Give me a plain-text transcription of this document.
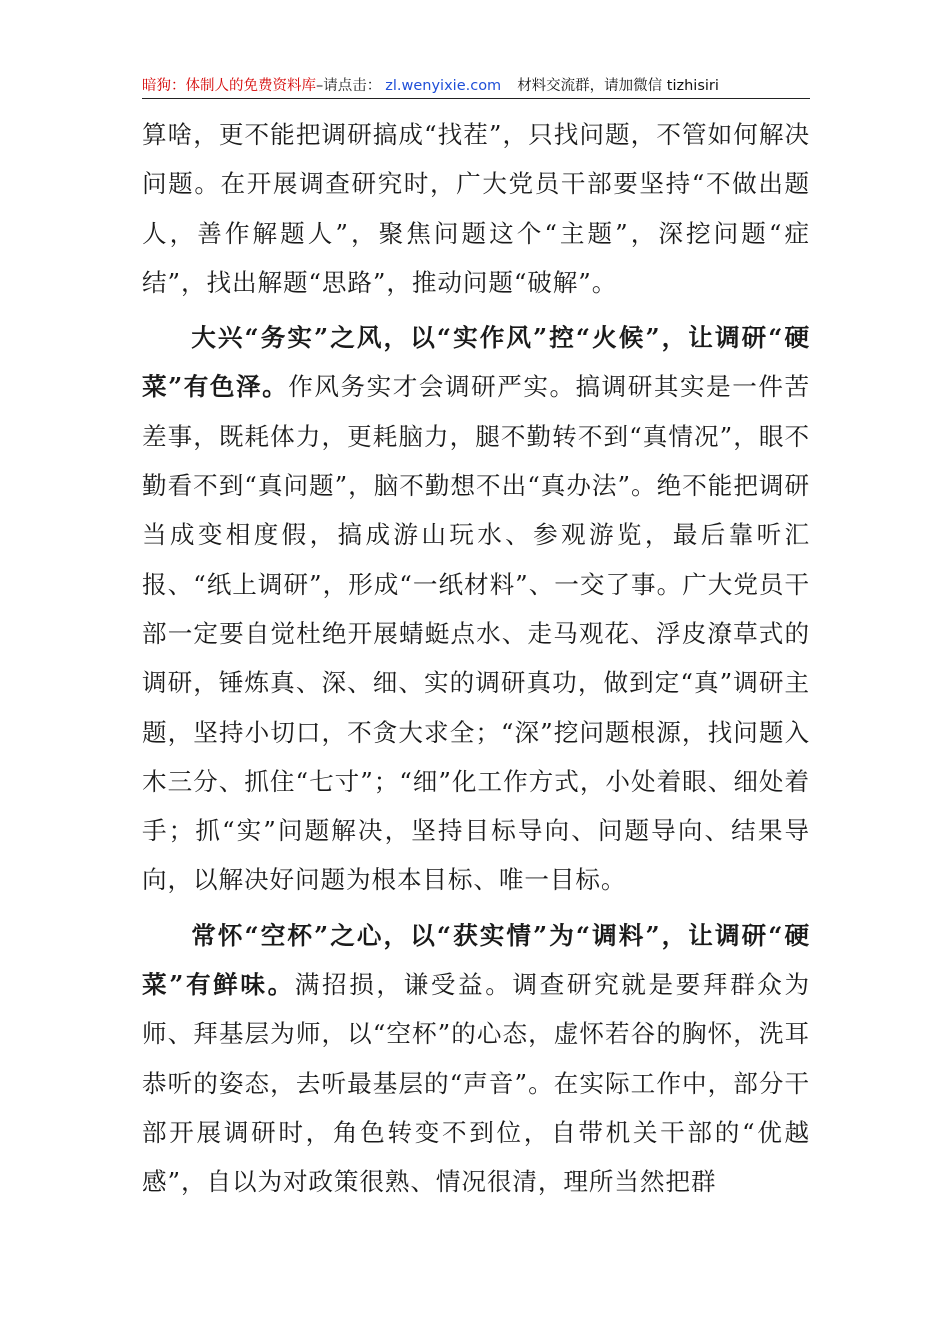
暗狗：体制人的免费资料库 –请点击： zl.wenyixie.com 材料交流群，请加微信 tizhisiri

算啥，更不能把调研搞成“找茬”，只找问题，不管如何解决问题。在开展调查研究时，广大党员干部要坚持“不做出题人，善作解题人”，聚焦问题这个“主题”，深挖问题“症结”，找出解题“思路”，推动问题“破解”。

大兴“务实”之风，以“实作风”控“火候”，让调研“硬菜”有色泽。作风务实才会调研严实。搞调研其实是一件苦差事，既耗体力，更耗脑力，腿不勤转不到“真情况”，眼不勤看不到“真问题”，脑不勤想不出“真办法”。绝不能把调研当成变相度假，搞成游山玩水、参观游览，最后靠听汇报、“纸上调研”，形成“一纸材料”、一交了事。广大党员干部一定要自觉杜绝开展蜻蜓点水、走马观花、浮皮潦草式的调研，锤炼真、深、细、实的调研真功，做到定“真”调研主题，坚持小切口，不贪大求全；“深”挖问题根源，找问题入木三分、抓住“七寸”；“细”化工作方式，小处着眼、细处着手；抓“实”问题解决，坚持目标导向、问题导向、结果导向，以解决好问题为根本目标、唯一目标。

常怀“空杯”之心，以“获实情”为“调料”，让调研“硬菜”有鲜味。满招损，谦受益。调查研究就是要拜群众为师、拜基层为师，以“空杯”的心态，虚怀若谷的胸怀，洗耳恭听的姿态，去听最基层的“声音”。在实际工作中，部分干部开展调研时，角色转变不到位，自带机关干部的“优越感”，自以为对政策很熟、情况很清，理所当然把群
